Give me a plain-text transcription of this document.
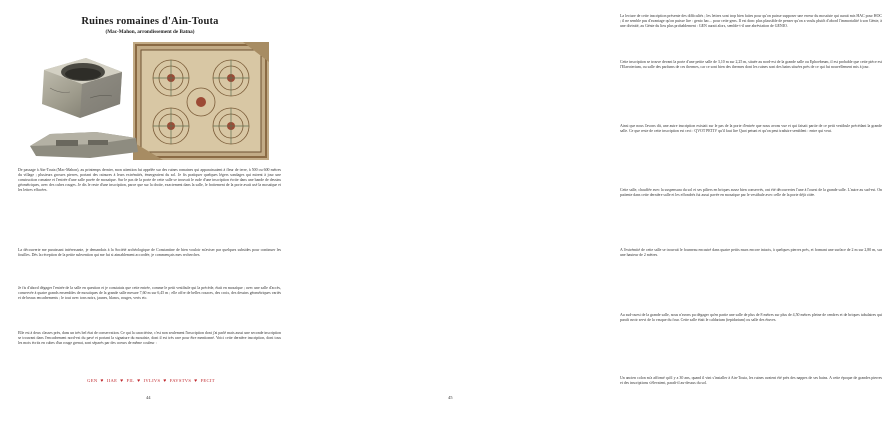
Ruines romaines d'Ain-Touta
(Mac-Mahon, arrondissement de Batna)
De passage à Ain-Touta (Mac-Mahon), au printemps dernier, mon attention fut appelée sur des ruines romaines qui apparaissaient à fleur de terre, à 500 ou 600 mètres du village ; plusieurs grosses pierres, portant des rainures à leurs extrémités, émergeaient du sol. Je fis pratiquer quelques légers sondages qui mirent à jour une construction romaine et l'entrée d'une salle pavée de mosaïque. Sur le pas de la porte de cette salle se trouvait le rude d'une inscription écrite dans une bande de dessins géométriques, avec des cubes rouges. Je dis le reste d'une inscription, parce que sur la droite, exactement dans la salle, le frottement de la porte avait usé la mosaïque et les lettres effacées.
La découverte me paraissant intéressante, je demandais à la Société archéologique de Constantine de bien vouloir m'aviser par quelques subsides pour continuer les fouilles. Dès la réception de la petite subvention qui me fut si aimablement accordée, je commençais mes recherches.
Je fis d'abord dégager l'entrée de la salle en question et je constatais que cette entrée, comme le petit vestibule qui la précède, était en mosaïque ; avec une salle d'accès, conservée à quatre grands ensembles de mosaïques de la grande salle mesure 7,60 m sur 6,45 m ; elle offre de belles rosaces, des croix, des dessins géométriques variés et de beaux encadrements ; le tout avec tons noirs, jaunes, blancs, rouges, verts etc.
Elle est à deux classes près, dans un très bel état de conservation. Ce qui la caractérise, c'est non seulement l'inscription dont j'ai parlé mais aussi une seconde inscription se trouvant dans l'encadrement nord-est du pavé et portant la signature du mosaïste, dont il est très rare pour être mentionné. Voici cette dernière inscription, dont tous les mots écrits en cubes d'un rouge grenat, sont séparés par des coeurs de même couleur :
GEN ♥ IIAE ♥ FIL ♥ IVLIVS ♥ FAVSTVS ♥ FECIT
44
La lecture de cette inscription présente des difficultés ; les lettres sont trop bien faites pour qu'on puisse supposer une erreur du mosaïste qui aurait mis HAC pour HOC ; il ne semble pas d'avantage qu'on puisse lire : genio hac... pour cette gens. Il est donc plus plausible de penser qu'on a voulu plutôt d'abord l'immortalité à son Génie, à une divinité, au Génie du lieu plus probablement : GEN aurait alors, semble-t-il une abréviation de GENIO.
Cette inscription se trouve devant la porte d'une petite salle de 3,10 m sur 2,25 m, située au nord-est de la grande salle ou Ephoebeum, il est probable que cette pièce est l'Elaeoterium, ou salle des parfums de ces thermes, car ce sont bien des thermes dont les ruines sont des bains situées près de ce qui fut nouvellement mis à jour.
Ainsi que nous l'avons dit, une autre inscription existait sur le pas de la porte d'entrée que nous avons vue et qui faisait partie de ce petit vestibule précédant la grande salle. Ce que reste de cette inscription est ceci : QVOT PETIV qu'il faut lire Quot petunt et qu'on peut traduire semblent : entre qui veut.
Cette salle, chauffée avec la suspensura du sol et ses piliers en briques assez bien conservés, ont été découvertes l'une à l'ouest de la grande salle. L'autre au sud-est. On patiente dans cette dernière salle et les effondrés fut aussi pavée en mosaïque par le vestibule avec celle de la porte déjà citée.
A l'extrémité de cette salle se trouvait le fourneau encastré dans quatre petits murs encore intacts, à quelques pierres près, et formant une surface de 2 m sur 2,80 m, sur une hauteur de 2 mètres.
Au sud-ouest de la grande salle, nous n'avons pu dégager qu'en partie une salle de plus de 8 mètres sur plus de 4,50 mètres pleine de cendres et de briques tubulaires qui paraît avoir servi de la vasque du four. Cette salle était le caldarium (tepidarium) ou salle des étuves.
Un ancien colon m'a affirmé qu'il y a 30 ans, quand il vint s'installer à Ain-Touta, les ruines avaient été près des nappes de ses bains. A cette époque de grandes pierres et des inscriptions s'élevaient, paraît-il au-dessus du sol.
45
